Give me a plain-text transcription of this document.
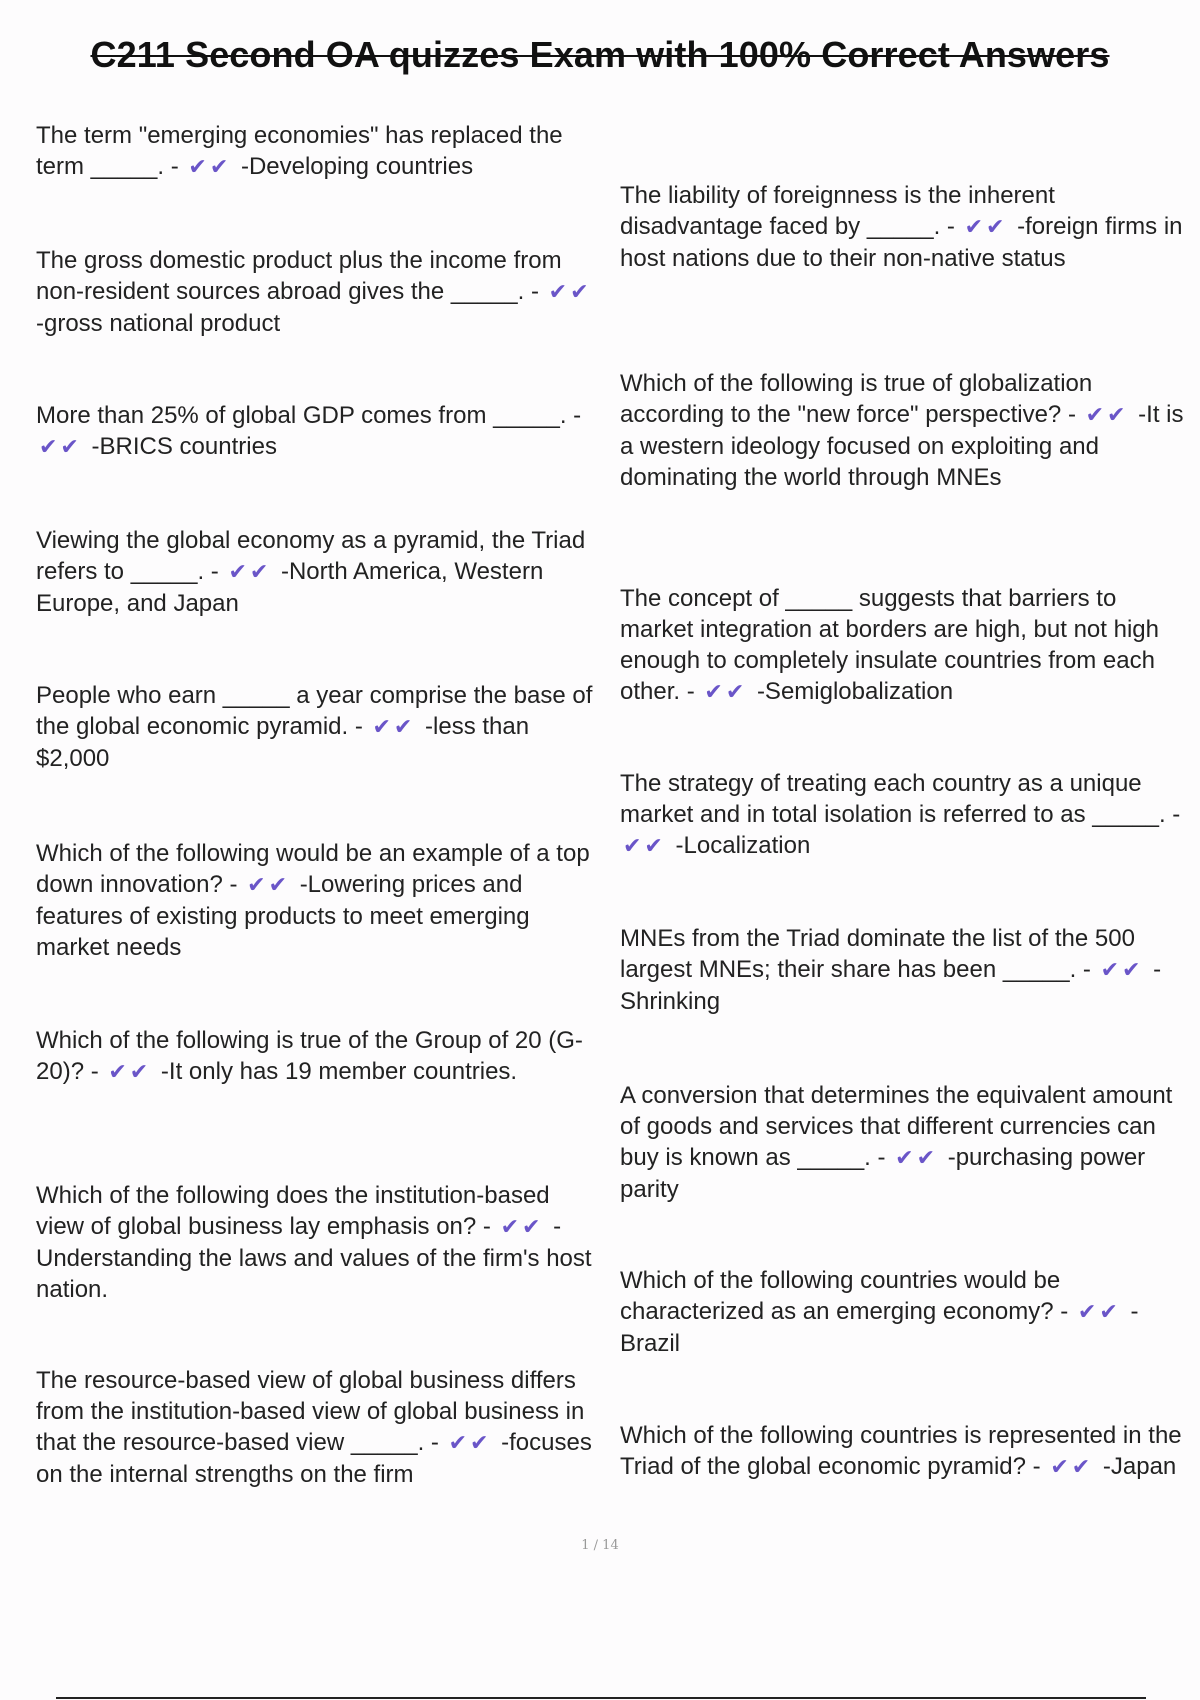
C211 Second OA quizzes Exam with 100% Correct Answers

The term "emerging economies" has replaced the term _____. - ✔✔ -Developing countries

The gross domestic product plus the income from non-resident sources abroad gives the _____. - ✔✔ -gross national product

More than 25% of global GDP comes from _____. - ✔✔ -BRICS countries

Viewing the global economy as a pyramid, the Triad refers to _____. - ✔✔ -North America, Western Europe, and Japan

People who earn _____ a year comprise the base of the global economic pyramid. - ✔✔ -less than $2,000

Which of the following would be an example of a top down innovation? - ✔✔ -Lowering prices and features of existing products to meet emerging market needs

Which of the following is true of the Group of 20 (G-20)? - ✔✔ -It only has 19 member countries.

Which of the following does the institution-based view of global business lay emphasis on? - ✔✔ -Understanding the laws and values of the firm's host nation.

The resource-based view of global business differs from the institution-based view of global business in that the resource-based view _____. - ✔✔ -focuses on the internal strengths on the firm

The liability of foreignness is the inherent disadvantage faced by _____. - ✔✔ -foreign firms in host nations due to their non-native status

Which of the following is true of globalization according to the "new force" perspective? - ✔✔ -It is a western ideology focused on exploiting and dominating the world through MNEs

The concept of _____ suggests that barriers to market integration at borders are high, but not high enough to completely insulate countries from each other. - ✔✔ -Semiglobalization

The strategy of treating each country as a unique market and in total isolation is referred to as _____. - ✔✔ -Localization

MNEs from the Triad dominate the list of the 500 largest MNEs; their share has been _____. - ✔✔ -Shrinking

A conversion that determines the equivalent amount of goods and services that different currencies can buy is known as _____. - ✔✔ -purchasing power parity

Which of the following countries would be characterized as an emerging economy? - ✔✔ -Brazil

Which of the following countries is represented in the Triad of the global economic pyramid? - ✔✔ -Japan

1 / 14
